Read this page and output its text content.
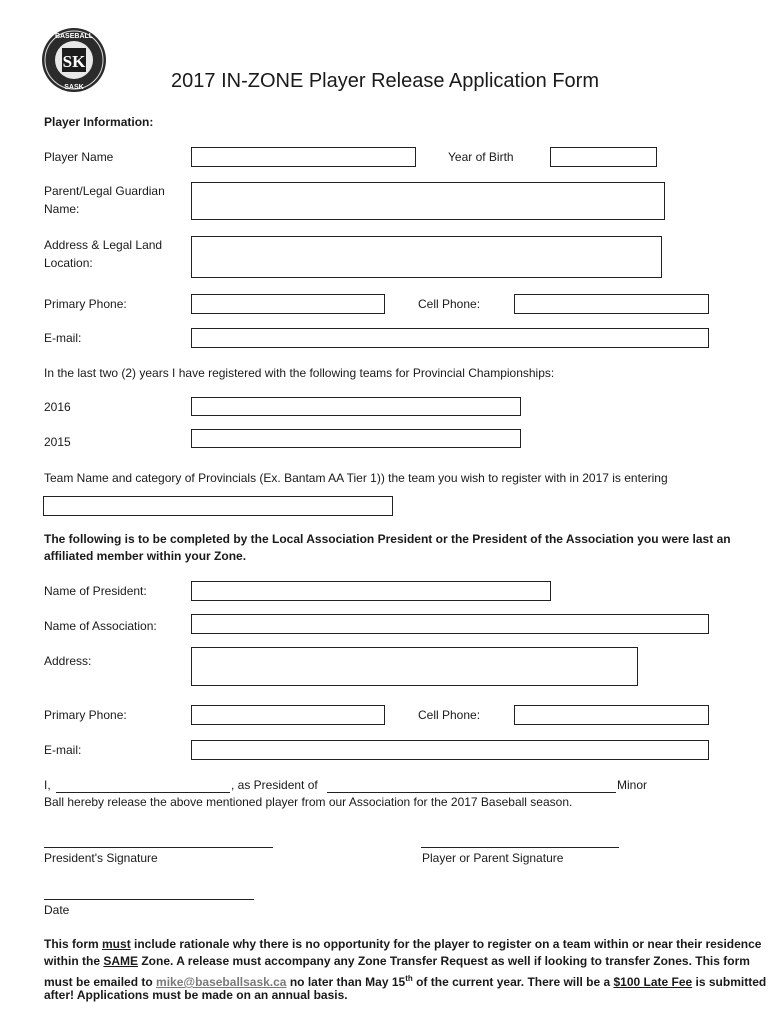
SK
BASEBALL
SASK	2017 IN-ZONE Player Release Application Form
Player Information:
Player Name	Year of Birth
Parent/Legal Guardian
Name:
Address & Legal Land
Location:
Primary Phone:	Cell Phone:
E-mail:
In the last two (2) years I have registered with the following teams for Provincial Championships:
2016
2015
Team Name and category of Provincials (Ex. Bantam AA Tier 1)) the team you wish to register with in 2017 is entering
The following is to be completed by the Local Association President or the President of the Association you were last an
affiliated member within your Zone.
Name of President:
Name of Association:
Address:
Primary Phone:	Cell Phone:
E-mail:
I,	, as President of	Minor
Ball hereby release the above mentioned player from our Association for the 2017 Baseball season.
President's Signature	Player or Parent Signature
Date
This form must include rationale why there is no opportunity for the player to register on a team within or near their residence
within the SAME Zone. A release must accompany any Zone Transfer Request as well if looking to transfer Zones. This form
must be emailed to mike@baseballsask.ca no later than May 15th of the current year. There will be a $100 Late Fee is submitted
after! Applications must be made on an annual basis.
